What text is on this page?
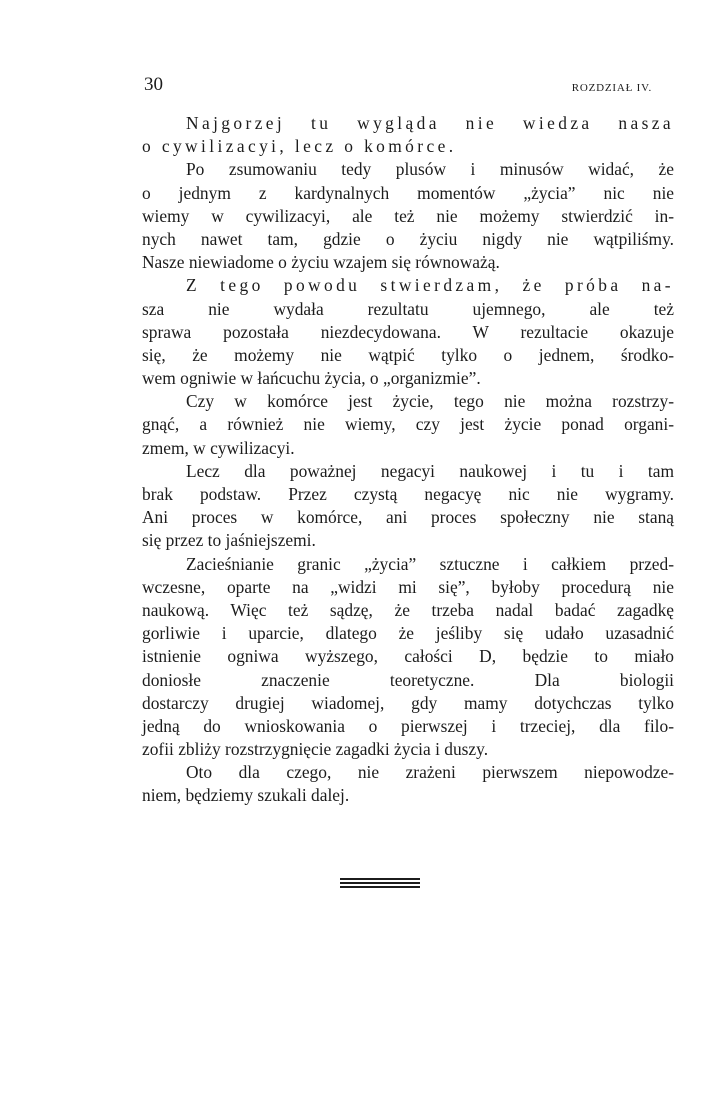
30	ROZDZIAŁ IV.
Najgorzej tu wygląda nie wiedza nasza
o cywilizacyi, lecz o komórce.
Po zsumowaniu tedy plusów i minusów widać, że
o jednym z kardynalnych momentów „życia” nic nie
wiemy w cywilizacyi, ale też nie możemy stwierdzić in-
nych nawet tam, gdzie o życiu nigdy nie wątpiliśmy.
Nasze niewiadome o życiu wzajem się równoważą.
Z tego powodu stwierdzam, że próba na-
sza nie wydała rezultatu ujemnego, ale też
sprawa pozostała niezdecydowana. W rezultacie okazuje
się, że możemy nie wątpić tylko o jednem, środko-
wem ogniwie w łańcuchu życia, o „organizmie”.
Czy w komórce jest życie, tego nie można rozstrzy-
gnąć, a również nie wiemy, czy jest życie ponad organi-
zmem, w cywilizacyi.
Lecz dla poważnej negacyi naukowej i tu i tam
brak podstaw. Przez czystą negacyę nic nie wygramy.
Ani proces w komórce, ani proces społeczny nie staną
się przez to jaśniejszemi.
Zacieśnianie granic „życia” sztuczne i całkiem przed-
wczesne, oparte na „widzi mi się”, byłoby procedurą nie
naukową. Więc też sądzę, że trzeba nadal badać zagadkę
gorliwie i uparcie, dlatego że jeśliby się udało uzasadnić
istnienie ogniwa wyższego, całości D, będzie to miało
doniosłe znaczenie teoretyczne. Dla biologii
dostarczy drugiej wiadomej, gdy mamy dotychczas tylko
jedną do wnioskowania o pierwszej i trzeciej, dla filo-
zofii zbliży rozstrzygnięcie zagadki życia i duszy.
Oto dla czego, nie zrażeni pierwszem niepowodze-
niem, będziemy szukali dalej.
